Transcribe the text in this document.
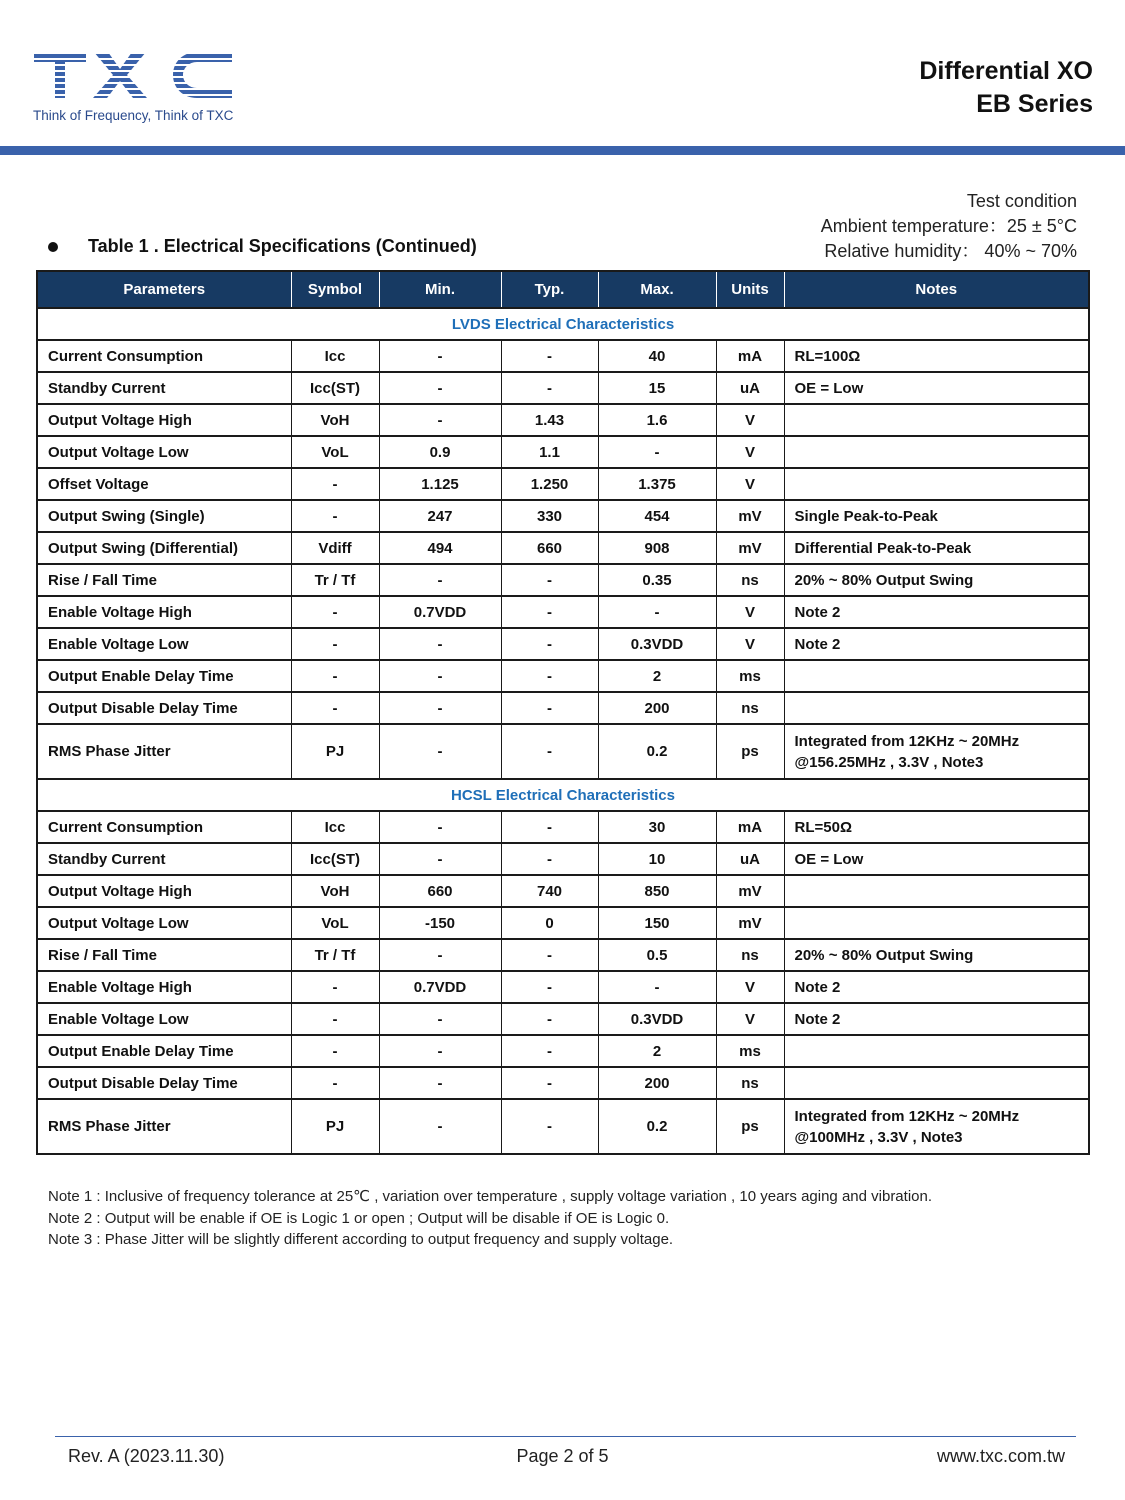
Think of Frequency, Think of TXC
Differential XO
EB Series
Test condition
Ambient temperature：25 ± 5°C
Relative humidity： 40% ~ 70%
Table 1 . Electrical Specifications (Continued)
Parameters	Symbol	Min.	Typ.	Max.	Units	Notes
LVDS Electrical Characteristics						
Current Consumption	Icc	-	-	40	mA	RL=100Ω

Standby Current	Icc(ST)	-	-	15	uA	OE = Low

Output Voltage High	VoH	-	1.43	1.6	V	
Output Voltage Low	VoL	0.9	1.1	-	V	
Offset Voltage	-	1.125	1.250	1.375	V	
Output Swing (Single)	-	247	330	454	mV	Single Peak-to-Peak

Output Swing (Differential)	Vdiff	494	660	908	mV	Differential Peak-to-Peak

Rise / Fall Time	Tr / Tf	-	-	0.35	ns	20% ~ 80% Output Swing

Enable Voltage High	-	0.7VDD	-	-	V	Note 2

Enable Voltage Low	-	-	-	0.3VDD	V	Note 2

Output Enable Delay Time	-	-	-	2	ms	
Output Disable Delay Time	-	-	-	200	ns	
RMS Phase Jitter	PJ	-	-	0.2	ps	Integrated from 12KHz ~ 20MHz
@156.25MHz , 3.3V , Note3

HCSL Electrical Characteristics						
Current Consumption	Icc	-	-	30	mA	RL=50Ω

Standby Current	Icc(ST)	-	-	10	uA	OE = Low

Output Voltage High	VoH	660	740	850	mV	
Output Voltage Low	VoL	-150	0	150	mV	
Rise / Fall Time	Tr / Tf	-	-	0.5	ns	20% ~ 80% Output Swing

Enable Voltage High	-	0.7VDD	-	-	V	Note 2

Enable Voltage Low	-	-	-	0.3VDD	V	Note 2

Output Enable Delay Time	-	-	-	2	ms	
Output Disable Delay Time	-	-	-	200	ns	
RMS Phase Jitter	PJ	-	-	0.2	ps	Integrated from 12KHz ~ 20MHz
@100MHz , 3.3V , Note3
Note 1 : Inclusive of frequency tolerance at 25℃ , variation over temperature , supply voltage variation , 10 years aging and vibration.
Note 2 : Output will be enable if OE is Logic 1 or open ; Output will be disable if OE is Logic 0.
Note 3 : Phase Jitter will be slightly different according to output frequency and supply voltage.
Rev. A (2023.11.30)	Page 2 of 5	www.txc.com.tw
